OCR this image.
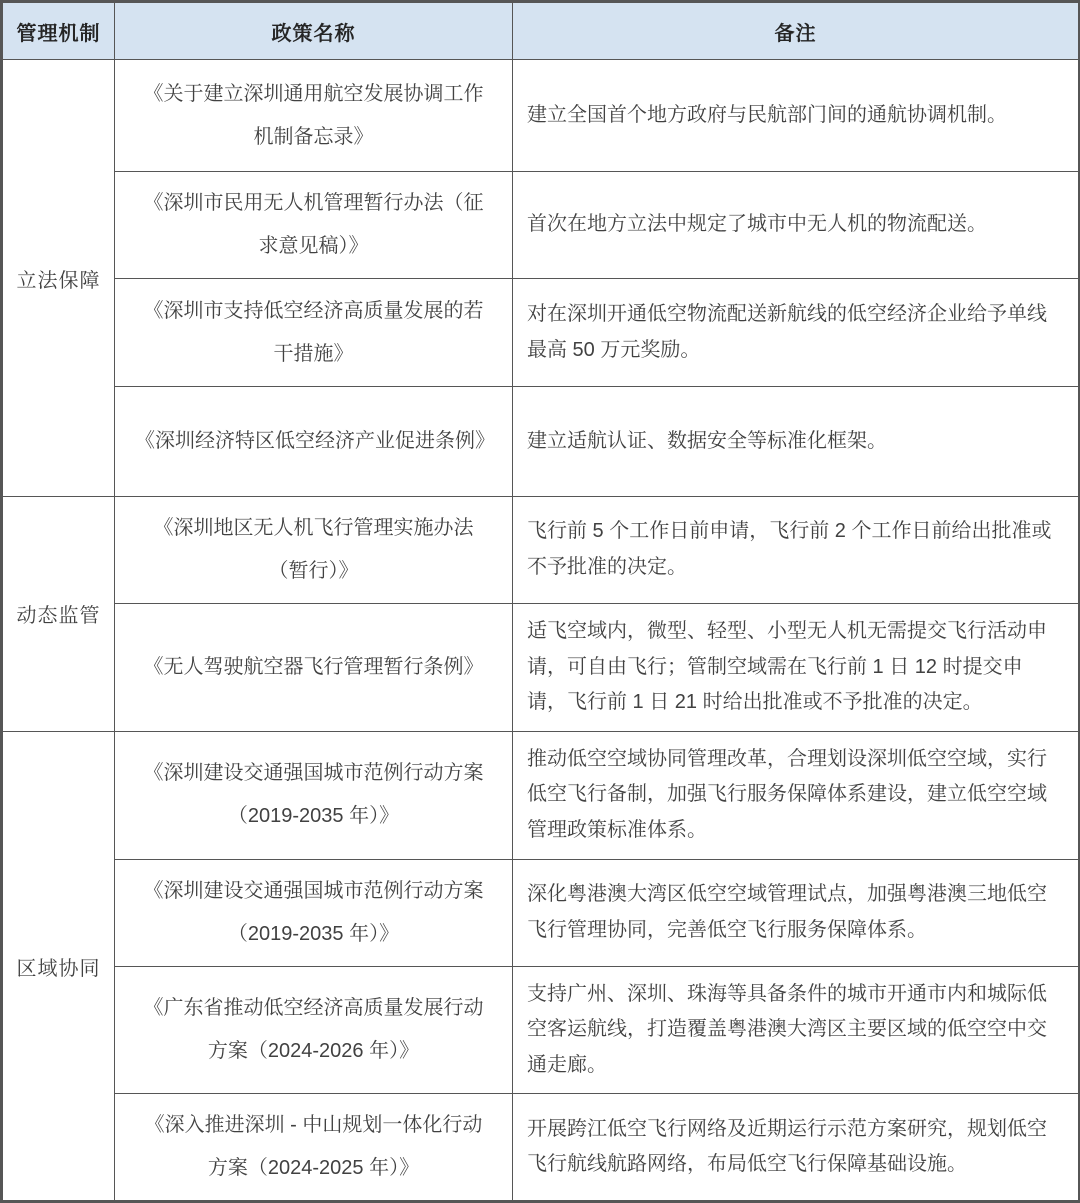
管理机制	政策名称	备注
立法保障	《关于建立深圳通用航空发展协调工作机制备忘录》	建立全国首个地方政府与民航部门间的通航协调机制。
	《深圳市民用无人机管理暂行办法（征求意见稿）》	首次在地方立法中规定了城市中无人机的物流配送。
	《深圳市支持低空经济高质量发展的若干措施》	对在深圳开通低空物流配送新航线的低空经济企业给予单线最高 50 万元奖励。
	《深圳经济特区低空经济产业促进条例》	建立适航认证、数据安全等标准化框架。
动态监管	《深圳地区无人机飞行管理实施办法（暂行）》	飞行前 5 个工作日前申请，飞行前 2 个工作日前给出批准或不予批准的决定。
	《无人驾驶航空器飞行管理暂行条例》	适飞空域内，微型、轻型、小型无人机无需提交飞行活动申请，可自由飞行；管制空域需在飞行前 1 日 12 时提交申请，飞行前 1 日 21 时给出批准或不予批准的决定。
区域协同	《深圳建设交通强国城市范例行动方案（2019-2035 年）》	推动低空空域协同管理改革，合理划设深圳低空空域，实行低空飞行备制，加强飞行服务保障体系建设，建立低空空域管理政策标准体系。
	《深圳建设交通强国城市范例行动方案（2019-2035 年）》	深化粤港澳大湾区低空空域管理试点，加强粤港澳三地低空飞行管理协同，完善低空飞行服务保障体系。
	《广东省推动低空经济高质量发展行动方案（2024-2026 年）》	支持广州、深圳、珠海等具备条件的城市开通市内和城际低空客运航线，打造覆盖粤港澳大湾区主要区域的低空空中交通走廊。
	《深入推进深圳 - 中山规划一体化行动方案（2024-2025 年）》	开展跨江低空飞行网络及近期运行示范方案研究，规划低空飞行航线航路网络，布局低空飞行保障基础设施。
